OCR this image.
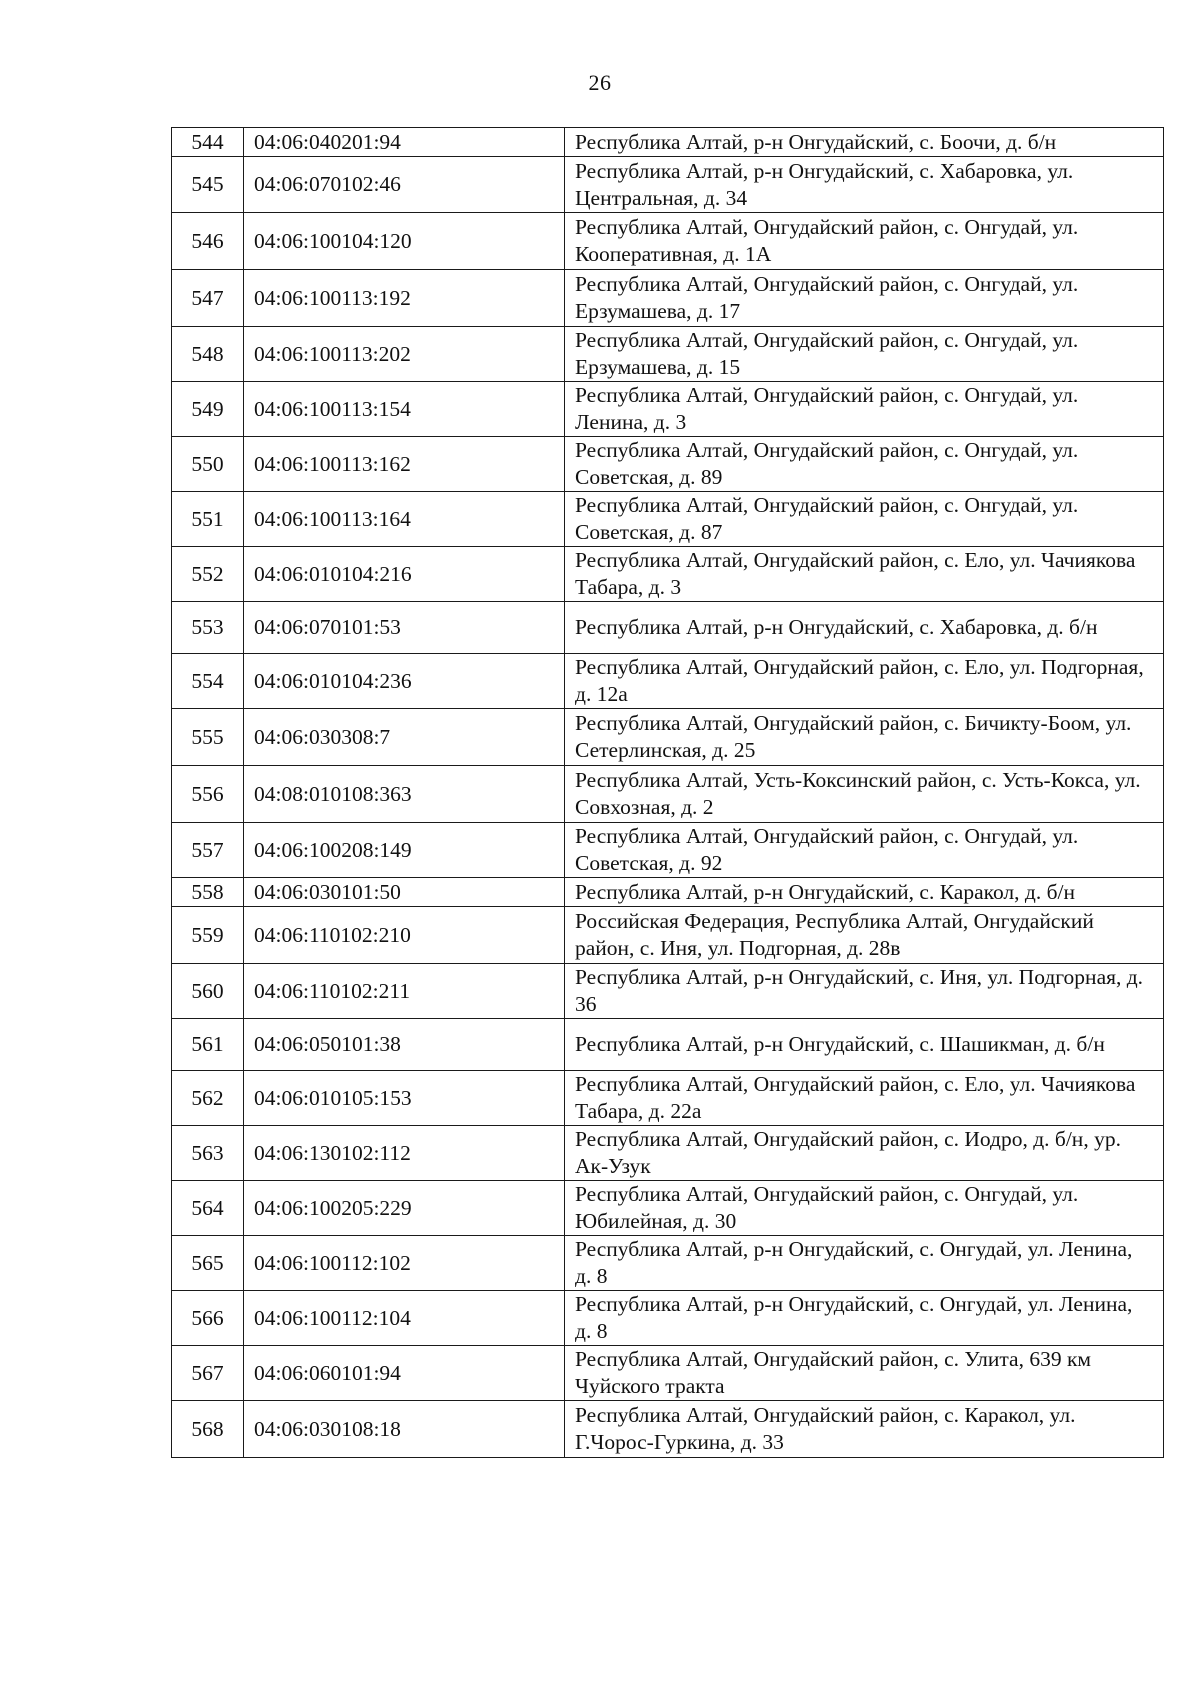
26
544	04:06:040201:94	Республика Алтай, р-н Онгудайский, с. Боочи, д. б/н
545	04:06:070102:46	Республика Алтай, р-н Онгудайский, с. Хабаровка, ул. Центральная, д. 34
546	04:06:100104:120	Республика Алтай, Онгудайский район, с. Онгудай, ул. Кооперативная, д. 1А
547	04:06:100113:192	Республика Алтай, Онгудайский район, с. Онгудай, ул. Ерзумашева, д. 17
548	04:06:100113:202	Республика Алтай, Онгудайский район, с. Онгудай, ул. Ерзумашева, д. 15
549	04:06:100113:154	Республика Алтай, Онгудайский район, с. Онгудай, ул. Ленина, д. 3
550	04:06:100113:162	Республика Алтай, Онгудайский район, с. Онгудай, ул. Советская, д. 89
551	04:06:100113:164	Республика Алтай, Онгудайский район, с. Онгудай, ул. Советская, д. 87
552	04:06:010104:216	Республика Алтай, Онгудайский район, с. Ело, ул. Чачиякова Табара, д. 3
553	04:06:070101:53	Республика Алтай, р-н Онгудайский, с. Хабаровка, д. б/н
554	04:06:010104:236	Республика Алтай, Онгудайский район, с. Ело, ул. Подгорная, д. 12а
555	04:06:030308:7	Республика Алтай, Онгудайский район, с. Бичикту-Боом, ул. Сетерлинская, д. 25
556	04:08:010108:363	Республика Алтай, Усть-Коксинский район, с. Усть-Кокса, ул. Совхозная, д. 2
557	04:06:100208:149	Республика Алтай, Онгудайский район, с. Онгудай, ул. Советская, д. 92
558	04:06:030101:50	Республика Алтай, р-н Онгудайский, с. Каракол, д. б/н
559	04:06:110102:210	Российская Федерация, Республика Алтай, Онгудайский район, с. Иня, ул. Подгорная, д. 28в
560	04:06:110102:211	Республика Алтай, р-н Онгудайский, с. Иня, ул. Подгорная, д. 36
561	04:06:050101:38	Республика Алтай, р-н Онгудайский, с. Шашикман, д. б/н
562	04:06:010105:153	Республика Алтай, Онгудайский район, с. Ело, ул. Чачиякова Табара, д. 22а
563	04:06:130102:112	Республика Алтай, Онгудайский район, с. Иодро, д. б/н, ур. Ак-Узук
564	04:06:100205:229	Республика Алтай, Онгудайский район, с. Онгудай, ул. Юбилейная, д. 30
565	04:06:100112:102	Республика Алтай, р-н Онгудайский, с. Онгудай, ул. Ленина, д. 8
566	04:06:100112:104	Республика Алтай, р-н Онгудайский, с. Онгудай, ул. Ленина, д. 8
567	04:06:060101:94	Республика Алтай, Онгудайский район, с. Улита, 639 км Чуйского тракта
568	04:06:030108:18	Республика Алтай, Онгудайский район, с. Каракол, ул. Г.Чорос-Гуркина, д. 33
